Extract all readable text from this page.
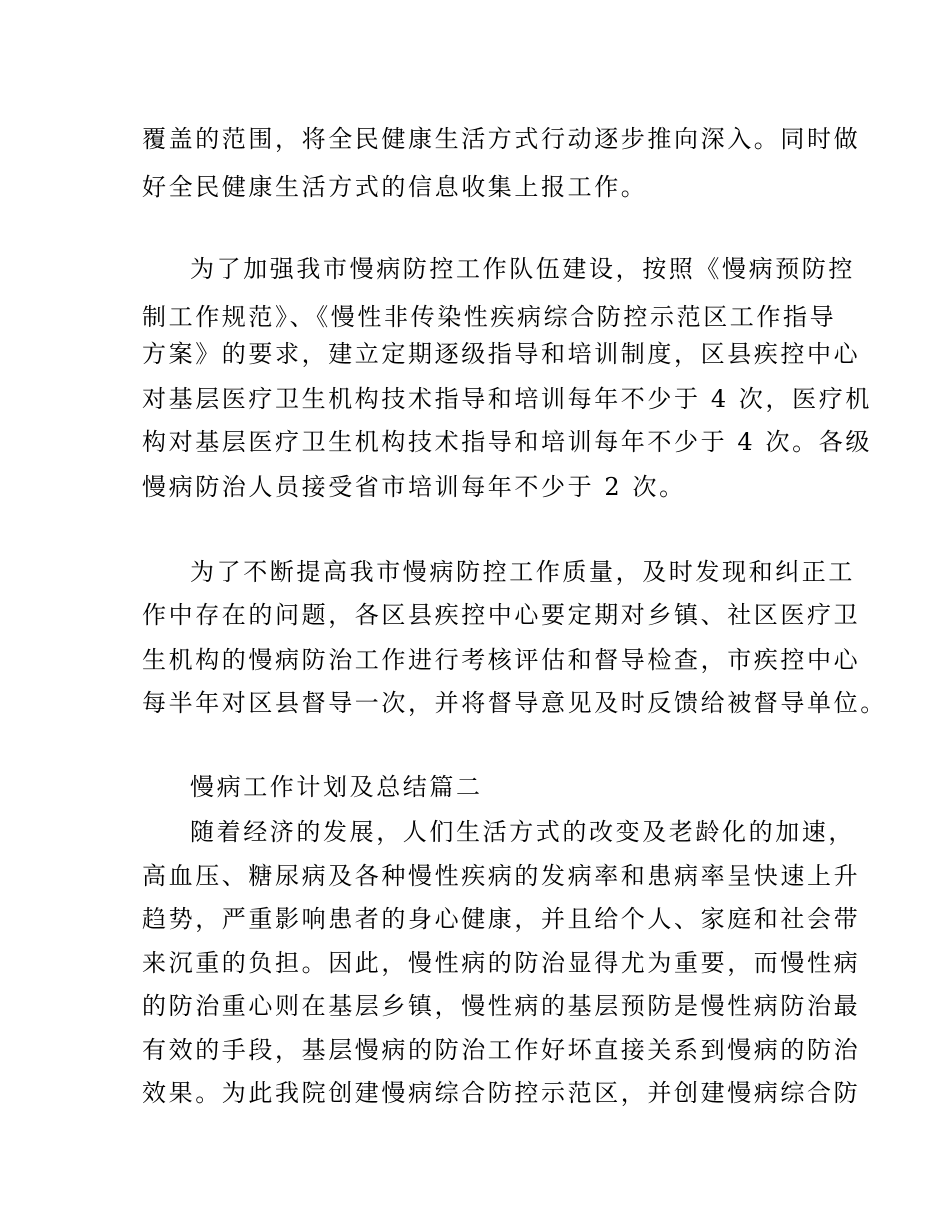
覆盖的范围，将全民健康生活方式行动逐步推向深入。同时做
好全民健康生活方式的信息收集上报工作。
为了加强我市慢病防控工作队伍建设，按照《慢病预防控
制工作规范》、《慢性非传染性疾病综合防控示范区工作指导
方案》的要求，建立定期逐级指导和培训制度，区县疾控中心
对基层医疗卫生机构技术指导和培训每年不少于 4 次，医疗机
构对基层医疗卫生机构技术指导和培训每年不少于 4 次。各级
慢病防治人员接受省市培训每年不少于 2 次。
为了不断提高我市慢病防控工作质量，及时发现和纠正工
作中存在的问题，各区县疾控中心要定期对乡镇、社区医疗卫
生机构的慢病防治工作进行考核评估和督导检查，市疾控中心
每半年对区县督导一次，并将督导意见及时反馈给被督导单位。
慢病工作计划及总结篇二
随着经济的发展，人们生活方式的改变及老龄化的加速，
高血压、糖尿病及各种慢性疾病的发病率和患病率呈快速上升
趋势，严重影响患者的身心健康，并且给个人、家庭和社会带
来沉重的负担。因此，慢性病的防治显得尤为重要，而慢性病
的防治重心则在基层乡镇，慢性病的基层预防是慢性病防治最
有效的手段，基层慢病的防治工作好坏直接关系到慢病的防治
效果。为此我院创建慢病综合防控示范区，并创建慢病综合防
